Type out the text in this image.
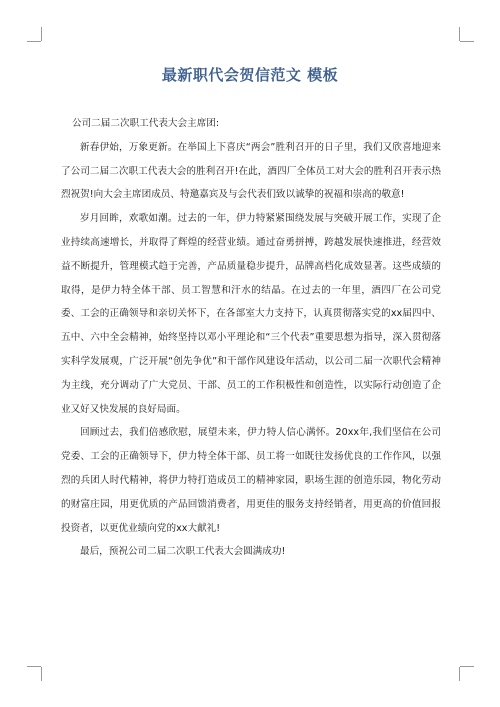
最新职代会贺信范文 模板

公司二届二次职工代表大会主席团:

新春伊始，万象更新。在举国上下喜庆“两会”胜利召开的日子里，我们又欣喜地迎来了公司二届二次职工代表大会的胜利召开!在此，酒四厂全体员工对大会的胜利召开表示热烈祝贺!向大会主席团成员、特邀嘉宾及与会代表们致以诚挚的祝福和崇高的敬意!

岁月回眸，欢歌如潮。过去的一年，伊力特紧紧围绕发展与突破开展工作，实现了企业持续高速增长，并取得了辉煌的经营业绩。通过奋勇拼搏，跨越发展快速推进，经营效益不断提升，管理模式趋于完善，产品质量稳步提升，品牌高档化成效显著。这些成绩的取得，是伊力特全体干部、员工智慧和汗水的结晶。在过去的一年里，酒四厂在公司党委、工会的正确领导和亲切关怀下，在各部室大力支持下，认真贯彻落实党的xx届四中、五中、六中全会精神，始终坚持以邓小平理论和“三个代表”重要思想为指导，深入贯彻落实科学发展观，广泛开展“创先争优”和干部作风建设年活动，以公司二届一次职代会精神为主线，充分调动了广大党员、干部、员工的工作积极性和创造性，以实际行动创造了企业又好又快发展的良好局面。

回顾过去，我们倍感欣慰，展望未来，伊力特人信心满怀。20xx年,我们坚信在公司党委、工会的正确领导下，伊力特全体干部、员工将一如既往发扬优良的工作作风，以强烈的兵团人时代精神，将伊力特打造成员工的精神家园，职场生涯的创造乐园，物化劳动的财富庄园，用更优质的产品回馈消费者，用更佳的服务支持经销者，用更高的价值回报投资者，以更优业绩向党的xx大献礼!

最后，预祝公司二届二次职工代表大会圆满成功!
